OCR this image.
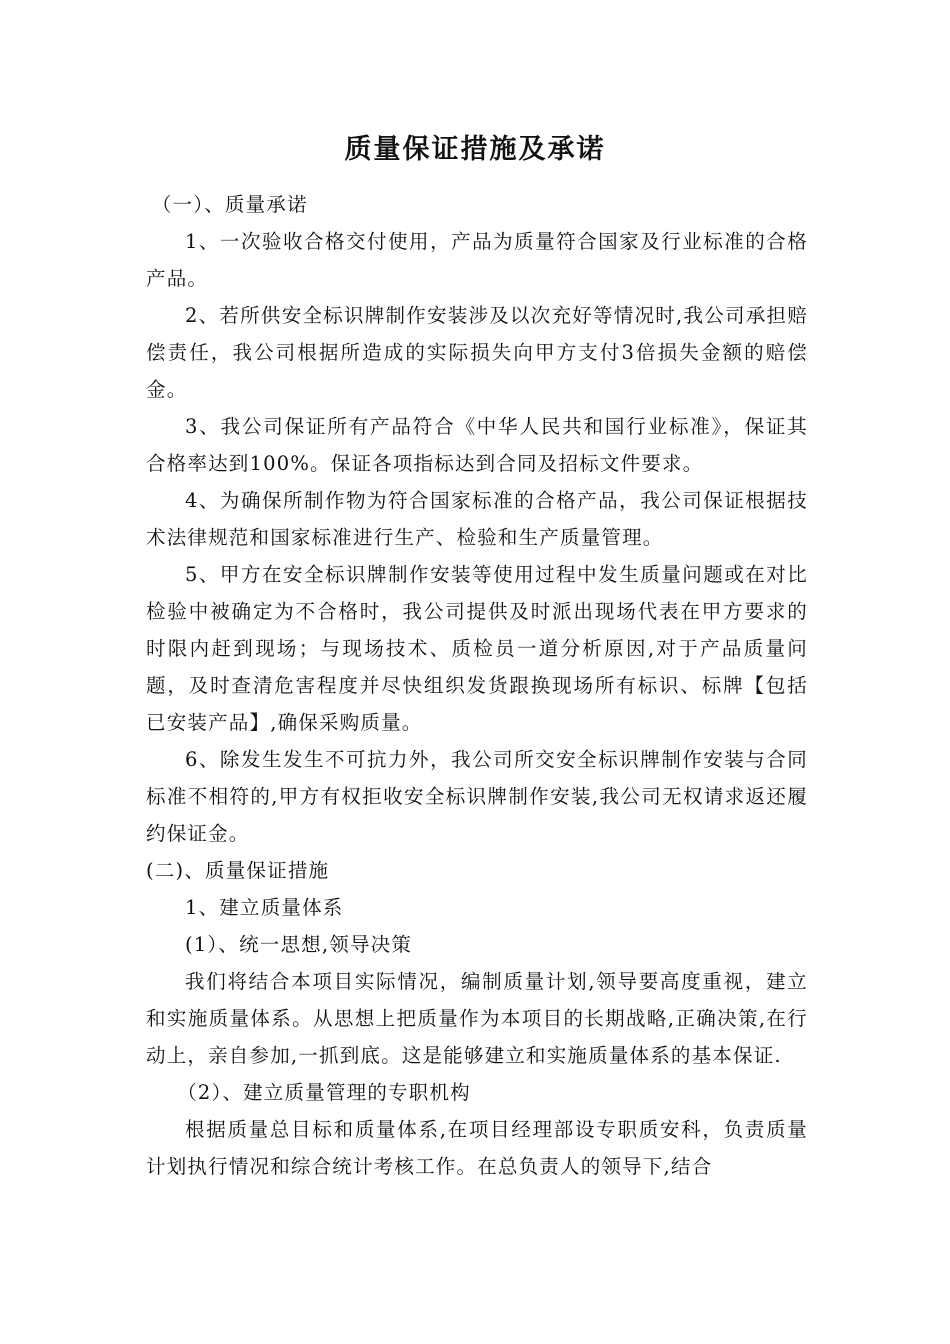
质量保证措施及承诺

（一）、质量承诺

1、一次验收合格交付使用，产品为质量符合国家及行业标准的合格产品。

2、若所供安全标识牌制作安装涉及以次充好等情况时,我公司承担赔偿责任，我公司根据所造成的实际损失向甲方支付3倍损失金额的赔偿金。

3、我公司保证所有产品符合《中华人民共和国行业标准》，保证其合格率达到100%。保证各项指标达到合同及招标文件要求。

4、为确保所制作物为符合国家标准的合格产品，我公司保证根据技术法律规范和国家标准进行生产、检验和生产质量管理。

5、甲方在安全标识牌制作安装等使用过程中发生质量问题或在对比检验中被确定为不合格时，我公司提供及时派出现场代表在甲方要求的时限内赶到现场；与现场技术、质检员一道分析原因,对于产品质量问题，及时查清危害程度并尽快组织发货跟换现场所有标识、标牌【包括已安装产品】,确保采购质量。

6、除发生发生不可抗力外，我公司所交安全标识牌制作安装与合同标准不相符的,甲方有权拒收安全标识牌制作安装,我公司无权请求返还履约保证金。

(二)、质量保证措施

1、建立质量体系

(1）、统一思想,领导决策

我们将结合本项目实际情况，编制质量计划,领导要高度重视，建立和实施质量体系。从思想上把质量作为本项目的长期战略,正确决策,在行动上，亲自参加,一抓到底。这是能够建立和实施质量体系的基本保证.

（2）、建立质量管理的专职机构

根据质量总目标和质量体系,在项目经理部设专职质安科，负责质量计划执行情况和综合统计考核工作。在总负责人的领导下,结合
